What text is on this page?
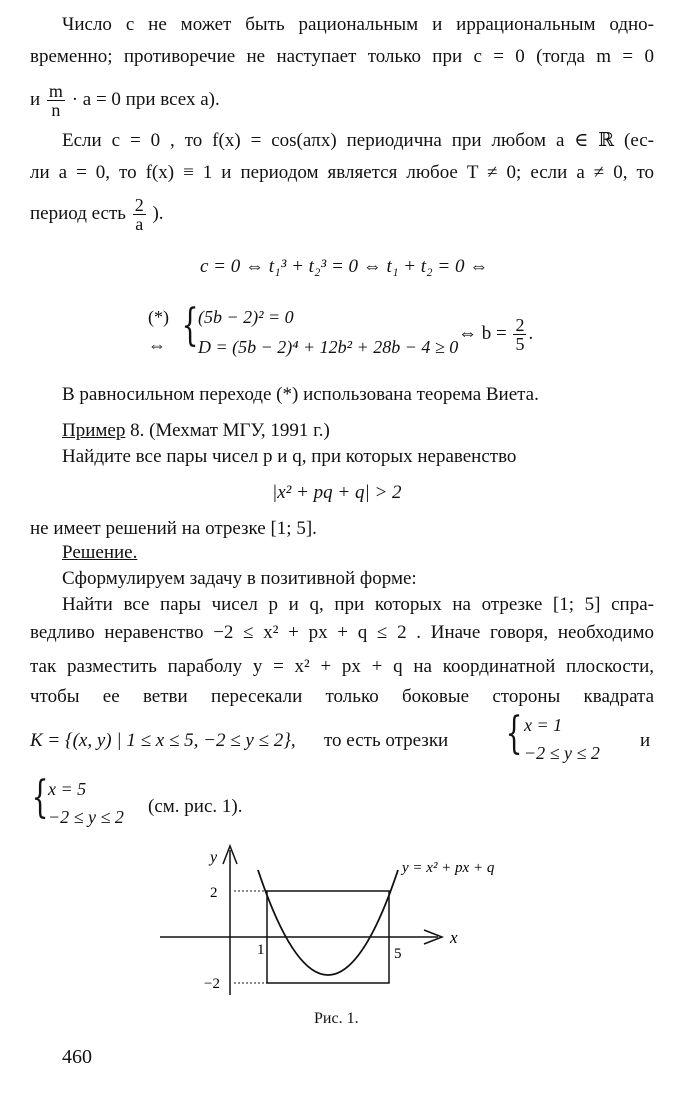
Число c не может быть рациональным и иррациональным одно-
временно; противоречие не наступает только при c = 0 (тогда m = 0
и $\frac{m}{n} \cdot a = 0$ при всех a).
Если c = 0 , то f(x) = cos(aπx) периодична при любом a ∈ ℝ (ес-
ли a = 0, то f(x) ≡ 1 и периодом является любое T ≠ 0; если a ≠ 0, то
период есть $\frac{2}{a}$ ).
c = 0 ⇔ t₁³ + t₂³ = 0 ⇔ t₁ + t₂ = 0 ⇔
(*)
⇔ { (5b − 2)² = 0
D = (5b − 2)⁴ + 12b² + 28b − 4 ≥ 0
⇔ $b = \frac{2}{5}$ .
В равносильном переходе (*) использована теорема Виета.
Пример 8. (Мехмат МГУ, 1991 г.)
Найдите все пары чисел p и q, при которых неравенство
|x² + pq + q| > 2
не имеет решений на отрезке [1; 5].
Решение.
Сформулируем задачу в позитивной форме:
Найти все пары чисел p и q, при которых на отрезке [1; 5] спра-
ведливо неравенство −2 ≤ x² + px + q ≤ 2 . Иначе говоря, необходимо
так разместить параболу y = x² + px + q на координатной плоскости,
чтобы ее ветви пересекали только боковые стороны квадрата
K = {(x, y) | 1 ≤ x ≤ 5, −2 ≤ y ≤ 2}, то есть отрезки { x = 1
−2 ≤ y ≤ 2
и
{ x = 5
−2 ≤ y ≤ 2 (см. рис. 1).
y
x
2
−2
1	5
y = x² + px + q
Рис. 1.
460
